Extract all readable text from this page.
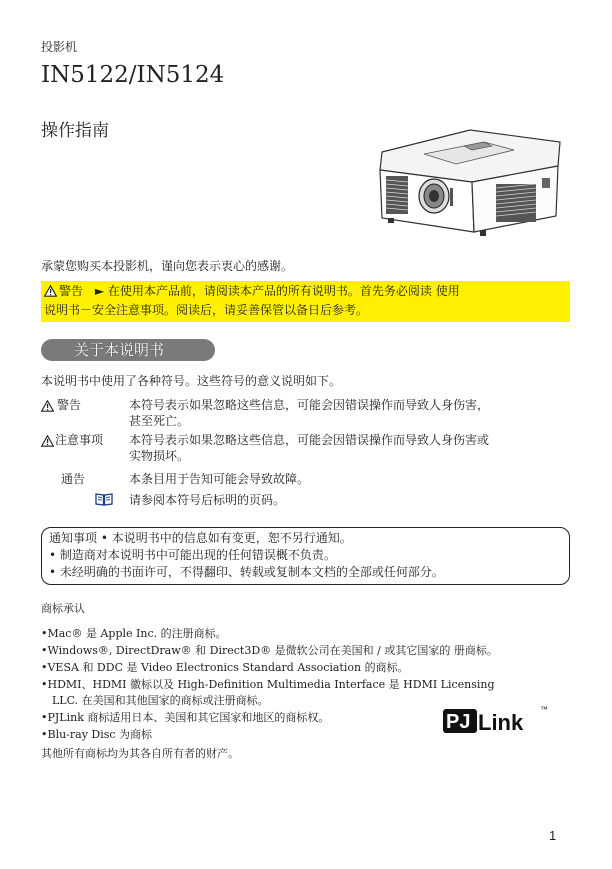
投影机
IN5122/IN5124
操作指南
承蒙您购买本投影机，谨向您表示衷心的感谢。
警告 ► 在使用本产品前，请阅读本产品的所有说明书。首先务必阅读 使用
说明书－安全注意事项。阅读后，请妥善保管以备日后参考。
关于本说明书
本说明书中使用了各种符号。这些符号的意义说明如下。
警告	本符号表示如果忽略这些信息，可能会因错误操作而导致人身伤害，
甚至死亡。
注意事项 本符号表示如果忽略这些信息，可能会因错误操作而导致人身伤害或
实物损坏。
通告	本条目用于告知可能会导致故障。
请参阅本符号后标明的页码。
通知事项 • 本说明书中的信息如有变更，恕不另行通知。
• 制造商对本说明书中可能出现的任何错误概不负责。
• 未经明确的书面许可，不得翻印、转载或复制本文档的全部或任何部分。
商标承认
•Mac® 是 Apple Inc. 的注册商标。
•Windows®, DirectDraw® 和 Direct3D® 是微软公司在美国和 / 或其它国家的 册商标。
•VESA 和 DDC 是 Video Electronics Standard Association 的商标。
•HDMI、HDMI 徽标以及 High-Definition Multimedia Interface 是 HDMI Licensing
LLC. 在美国和其他国家的商标或注册商标。
•PJLink 商标适用日本、美国和其它国家和地区的商标权。
•Blu-ray Disc 为商标
其他所有商标均为其各自所有者的财产。
PJ Link
™
1
